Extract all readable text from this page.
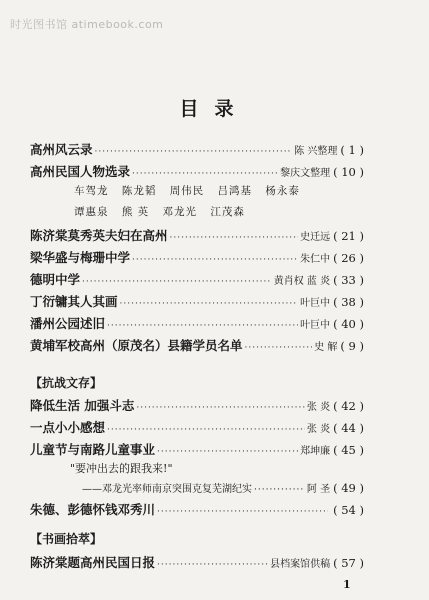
时光图书馆 atimebook.com
目录
高州风云录 ·····	陈 兴整理 ( 1 )
高州民国人物选录 ·····	黎庆文整理 ( 10 )
车驾龙 陈龙韬 周伟民 吕鸿基 杨永泰
谭惠泉 熊 英 邓龙光 江茂森
陈济棠莫秀英夫妇在高州 ·····	史迁远 ( 21 )
梁华盛与梅珊中学 ·····	朱仁中 ( 26 )
德明中学 ·····	黄肖权 蓝 炎 ( 33 )
丁衍镛其人其画 ·····	叶巨中 ( 38 )
潘州公园述旧 ·····	叶巨中 ( 40 )
黄埔军校高州（原茂名）县籍学员名单 ·····	史 解 ( 9 )
【抗战文存】
降低生活 加强斗志 ·····	张 炎 ( 42 )
一点小小感想 ·····	张 炎 ( 44 )
儿童节与南路儿童事业 ·····	郑坤廉 ( 45 )
"要冲出去的跟我来!"
——邓龙光率师南京突围克复芜湖纪实 ·····	阿 圣 ( 49 )
朱德、彭德怀钱邓秀川 ·····	( 54 )
【书画拾萃】
陈济棠题高州民国日报 ·····	县档案馆供稿 ( 57 )
1
